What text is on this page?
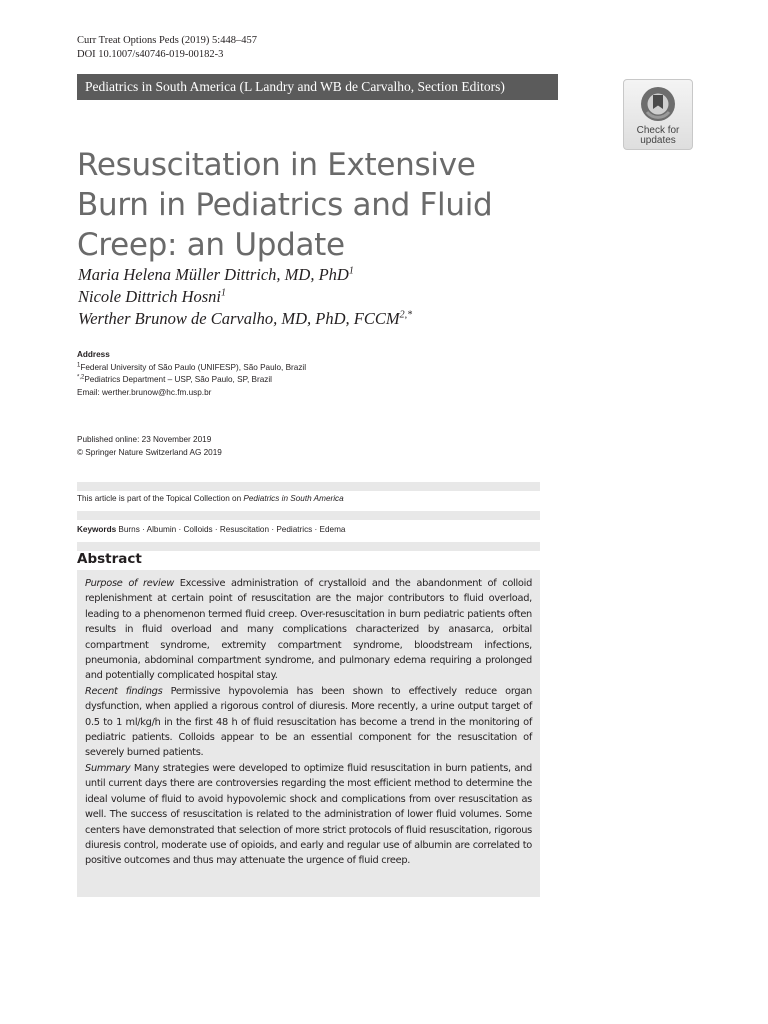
Curr Treat Options Peds (2019) 5:448–457
DOI 10.1007/s40746-019-00182-3
Pediatrics in South America (L Landry and WB de Carvalho, Section Editors)
Check for
updates
Resuscitation in Extensive Burn in Pediatrics and Fluid Creep: an Update
Maria Helena Müller Dittrich, MD, PhD$^1$
Nicole Dittrich Hosni$^1$
Werther Brunow de Carvalho, MD, PhD, $FCCM^{2,*}$
Address
$^1$Federal University of São Paulo (UNIFESP), São Paulo, Brazil
$^{*,2}$Pediatrics Department – USP, São Paulo, SP, Brazil
Email: werther.brunow@hc.fm.usp.br
Published online: 23 November 2019
© Springer Nature Switzerland AG 2019
This article is part of the Topical Collection on Pediatrics in South America
Keywords Burns · Albumin · Colloids · Resuscitation · Pediatrics · Edema
Abstract

Purpose of review Excessive administration of crystalloid and the abandonment of colloid replenishment at certain point of resuscitation are the major contributors to fluid overload, leading to a phenomenon termed fluid creep. Over-resuscitation in burn pediatric patients often results in fluid overload and many complications characterized by anasarca, orbital compartment syndrome, extremity compartment syndrome, bloodstream infections, pneumonia, abdominal compartment syndrome, and pulmonary edema requiring a prolonged and potentially complicated hospital stay.

Recent findings Permissive hypovolemia has been shown to effectively reduce organ dysfunction, when applied a rigorous control of diuresis. More recently, a urine output target of 0.5 to 1 ml/kg/h in the first 48 h of fluid resuscitation has become a trend in the monitoring of pediatric patients. Colloids appear to be an essential component for the resuscitation of severely burned patients.

Summary Many strategies were developed to optimize fluid resuscitation in burn patients, and until current days there are controversies regarding the most efficient method to determine the ideal volume of fluid to avoid hypovolemic shock and complications from over resuscitation as well. The success of resuscitation is related to the administration of lower fluid volumes. Some centers have demonstrated that selection of more strict protocols of fluid resuscitation, rigorous diuresis control, moderate use of opioids, and early and regular use of albumin are correlated to positive outcomes and thus may attenuate the urgence of fluid creep.
